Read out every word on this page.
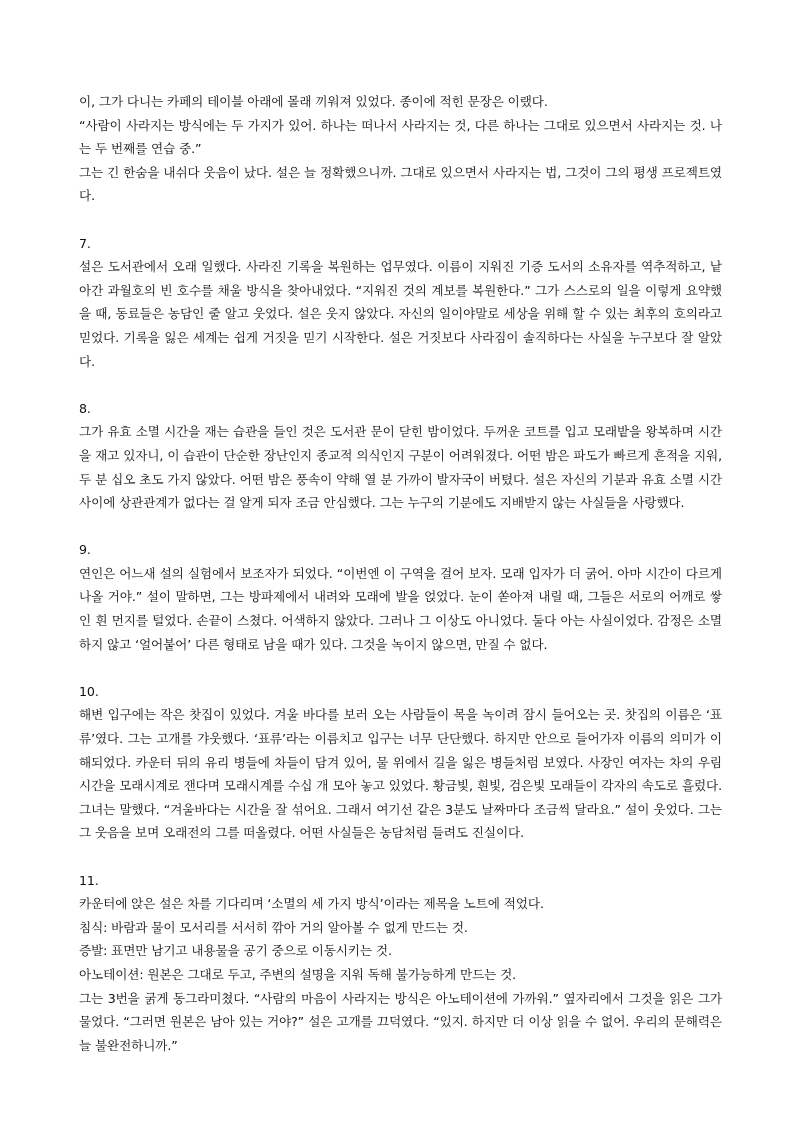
이, 그가 다니는 카페의 테이블 아래에 몰래 끼워져 있었다. 종이에 적힌 문장은 이랬다.

“사람이 사라지는 방식에는 두 가지가 있어. 하나는 떠나서 사라지는 것, 다른 하나는 그대로 있으면서 사라지는 것. 나는 두 번째를 연습 중.”

그는 긴 한숨을 내쉬다 웃음이 났다. 설은 늘 정확했으니까. 그대로 있으면서 사라지는 법, 그것이 그의 평생 프로젝트였다.

7.

설은 도서관에서 오래 일했다. 사라진 기록을 복원하는 업무였다. 이름이 지워진 기증 도서의 소유자를 역추적하고, 낱아간 과월호의 빈 호수를 채울 방식을 찾아내었다. “지워진 것의 계보를 복원한다.” 그가 스스로의 일을 이렇게 요약했을 때, 동료들은 농담인 줄 알고 웃었다. 설은 웃지 않았다. 자신의 일이야말로 세상을 위해 할 수 있는 최후의 호의라고 믿었다. 기록을 잃은 세계는 쉽게 거짓을 믿기 시작한다. 설은 거짓보다 사라짐이 솔직하다는 사실을 누구보다 잘 알았다.

8.

그가 유효 소멸 시간을 재는 습관을 들인 것은 도서관 문이 닫힌 밤이었다. 두꺼운 코트를 입고 모래밭을 왕복하며 시간을 재고 있자니, 이 습관이 단순한 장난인지 종교적 의식인지 구분이 어려워졌다. 어떤 밤은 파도가 빠르게 흔적을 지워, 두 분 십오 초도 가지 않았다. 어떤 밤은 풍속이 약해 열 분 가까이 발자국이 버텼다. 설은 자신의 기분과 유효 소멸 시간 사이에 상관관계가 없다는 걸 알게 되자 조금 안심했다. 그는 누구의 기분에도 지배받지 않는 사실들을 사랑했다.

9.

연인은 어느새 설의 실험에서 보조자가 되었다. “이번엔 이 구역을 걸어 보자. 모래 입자가 더 굵어. 아마 시간이 다르게 나올 거야.” 설이 말하면, 그는 방파제에서 내려와 모래에 발을 얹었다. 눈이 쏟아져 내릴 때, 그들은 서로의 어깨로 쌓인 흰 먼지를 털었다. 손끝이 스쳤다. 어색하지 않았다. 그러나 그 이상도 아니었다. 둘다 아는 사실이었다. 감정은 소멸하지 않고 ‘얼어붙어’ 다른 형태로 남을 때가 있다. 그것을 녹이지 않으면, 만질 수 없다.

10.

해변 입구에는 작은 찻집이 있었다. 겨울 바다를 보러 오는 사람들이 목을 녹이려 잠시 들어오는 곳. 찻집의 이름은 ‘표류’였다. 그는 고개를 갸웃했다. ‘표류’라는 이름치고 입구는 너무 단단했다. 하지만 안으로 들어가자 이름의 의미가 이해되었다. 카운터 뒤의 유리 병들에 차들이 담겨 있어, 물 위에서 길을 잃은 병들처럼 보였다. 사장인 여자는 차의 우림 시간을 모래시계로 잰다며 모래시계를 수십 개 모아 놓고 있었다. 황금빛, 흰빛, 검은빛 모래들이 각자의 속도로 흘렀다. 그녀는 말했다. “겨울바다는 시간을 잘 섞어요. 그래서 여기선 같은 3분도 날짜마다 조금씩 달라요.” 설이 웃었다. 그는 그 웃음을 보며 오래전의 그를 떠올렸다. 어떤 사실들은 농담처럼 들려도 진실이다.

11.

카운터에 앉은 설은 차를 기다리며 ‘소멸의 세 가지 방식’이라는 제목을 노트에 적었다.

침식: 바람과 물이 모서리를 서서히 깎아 거의 알아볼 수 없게 만드는 것.

증발: 표면만 남기고 내용물을 공기 중으로 이동시키는 것.

아노테이션: 원본은 그대로 두고, 주변의 설명을 지워 독해 불가능하게 만드는 것.

그는 3번을 굵게 동그라미쳤다. “사람의 마음이 사라지는 방식은 아노테이션에 가까워.” 옆자리에서 그것을 읽은 그가 물었다. “그러면 원본은 남아 있는 거야?” 설은 고개를 끄덕였다. “있지. 하지만 더 이상 읽을 수 없어. 우리의 문해력은 늘 불완전하니까.”
